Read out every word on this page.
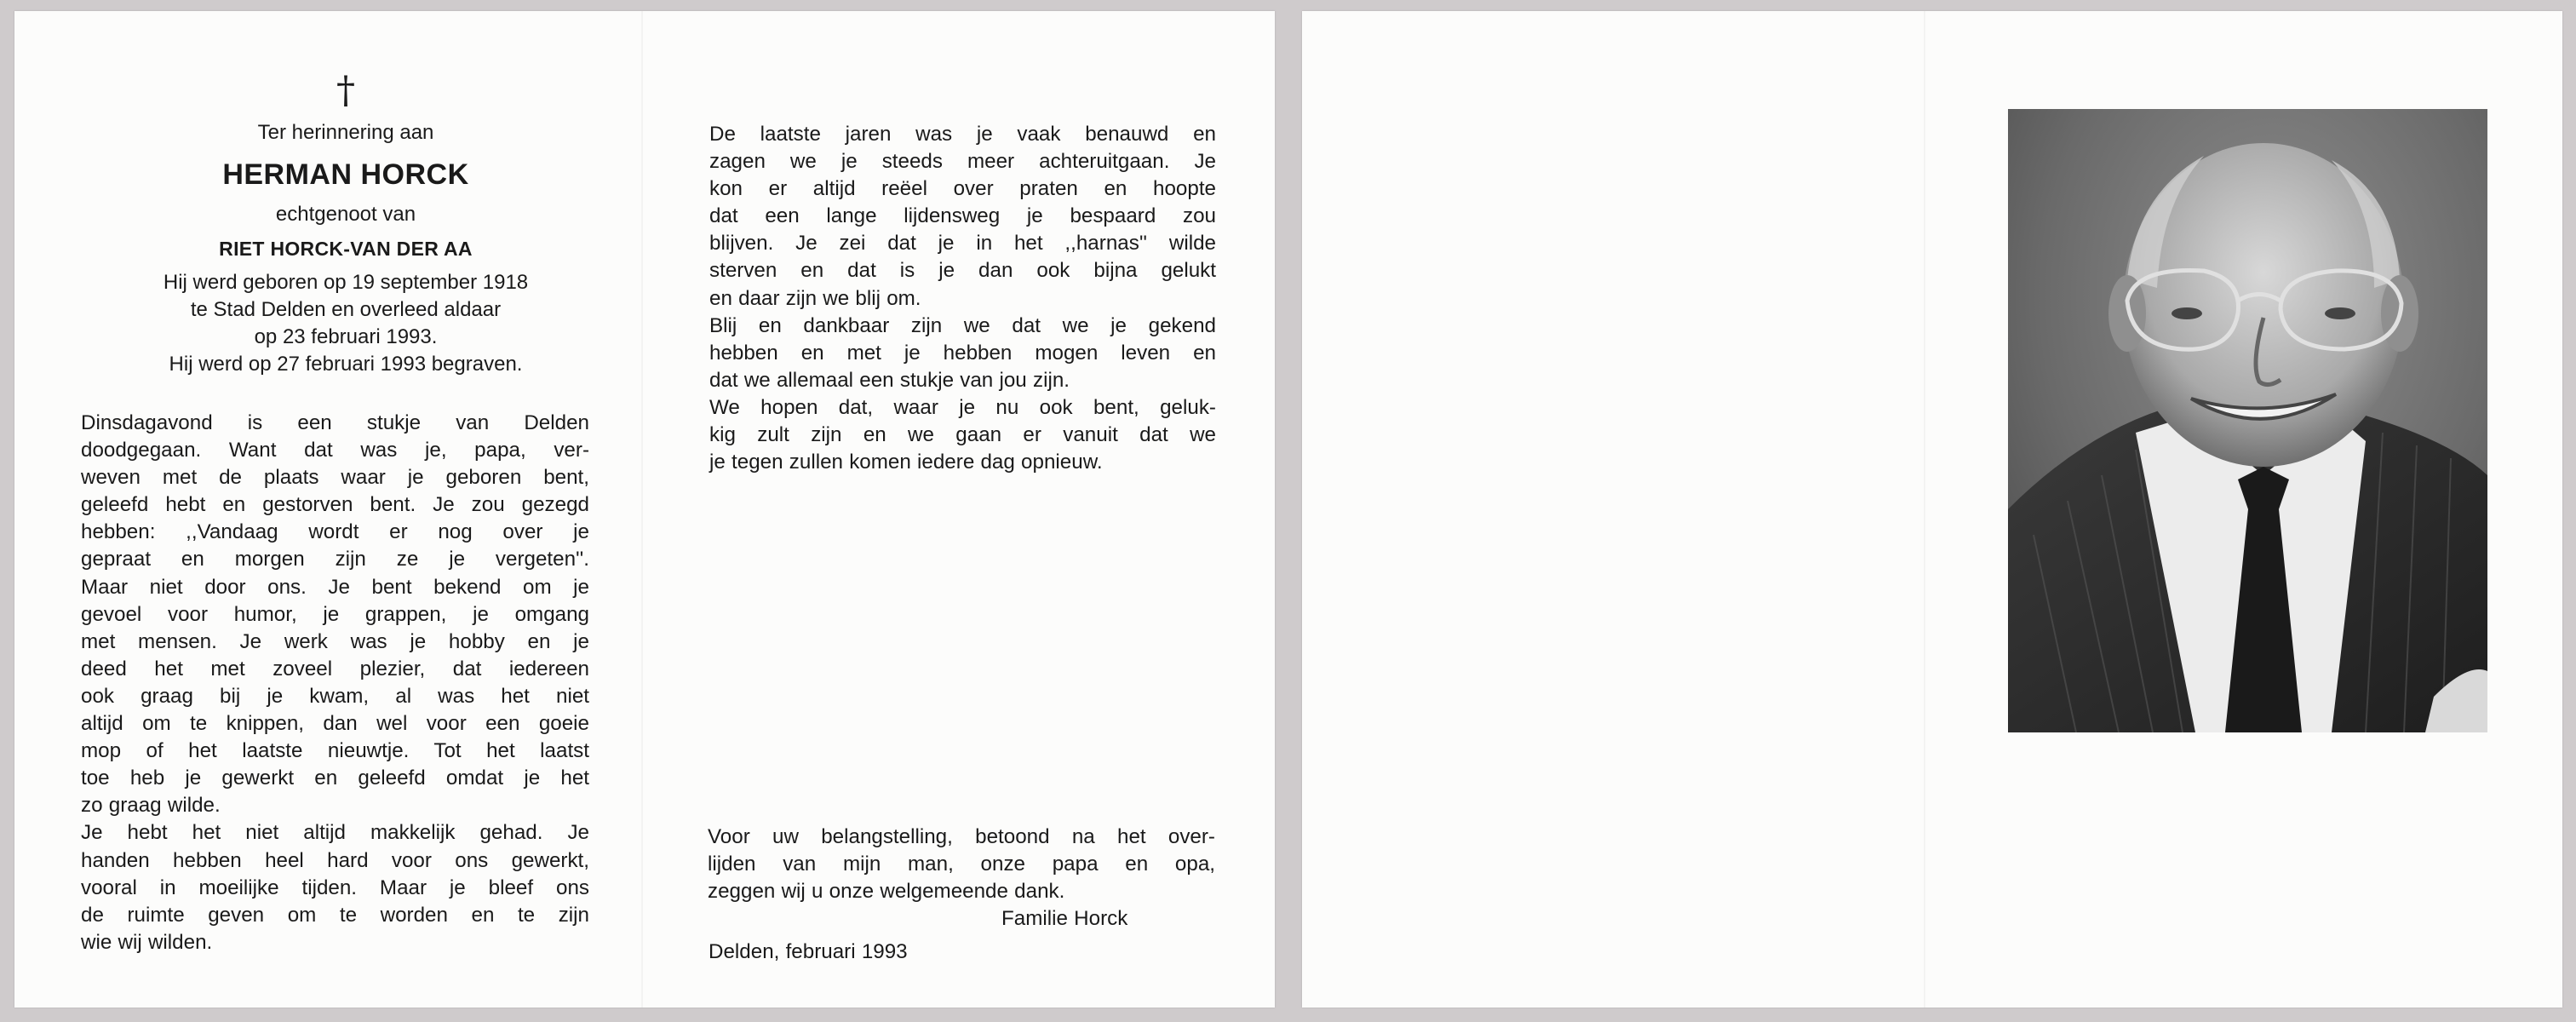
†
Ter herinnering aan
HERMAN HORCK
echtgenoot van
RIET HORCK-VAN DER AA
Hij werd geboren op 19 september 1918
te Stad Delden en overleed aldaar
op 23 februari 1993.
Hij werd op 27 februari 1993 begraven.
Dinsdagavond is een stukje van Delden
doodgegaan. Want dat was je, papa, ver-
weven met de plaats waar je geboren bent,
geleefd hebt en gestorven bent. Je zou gezegd
hebben: ,,Vandaag wordt er nog over je
gepraat en morgen zijn ze je vergeten''.
Maar niet door ons. Je bent bekend om je
gevoel voor humor, je grappen, je omgang
met mensen. Je werk was je hobby en je
deed het met zoveel plezier, dat iedereen
ook graag bij je kwam, al was het niet
altijd om te knippen, dan wel voor een goeie
mop of het laatste nieuwtje. Tot het laatst
toe heb je gewerkt en geleefd omdat je het
zo graag wilde.
Je hebt het niet altijd makkelijk gehad. Je
handen hebben heel hard voor ons gewerkt,
vooral in moeilijke tijden. Maar je bleef ons
de ruimte geven om te worden en te zijn
wie wij wilden.
De laatste jaren was je vaak benauwd en
zagen we je steeds meer achteruitgaan. Je
kon er altijd reëel over praten en hoopte
dat een lange lijdensweg je bespaard zou
blijven. Je zei dat je in het ,,harnas'' wilde
sterven en dat is je dan ook bijna gelukt
en daar zijn we blij om.
Blij en dankbaar zijn we dat we je gekend
hebben en met je hebben mogen leven en
dat we allemaal een stukje van jou zijn.
We hopen dat, waar je nu ook bent, geluk-
kig zult zijn en we gaan er vanuit dat we
je tegen zullen komen iedere dag opnieuw.
Voor uw belangstelling, betoond na het over-
lijden van mijn man, onze papa en opa,
zeggen wij u onze welgemeende dank.
Familie Horck
Delden, februari 1993
